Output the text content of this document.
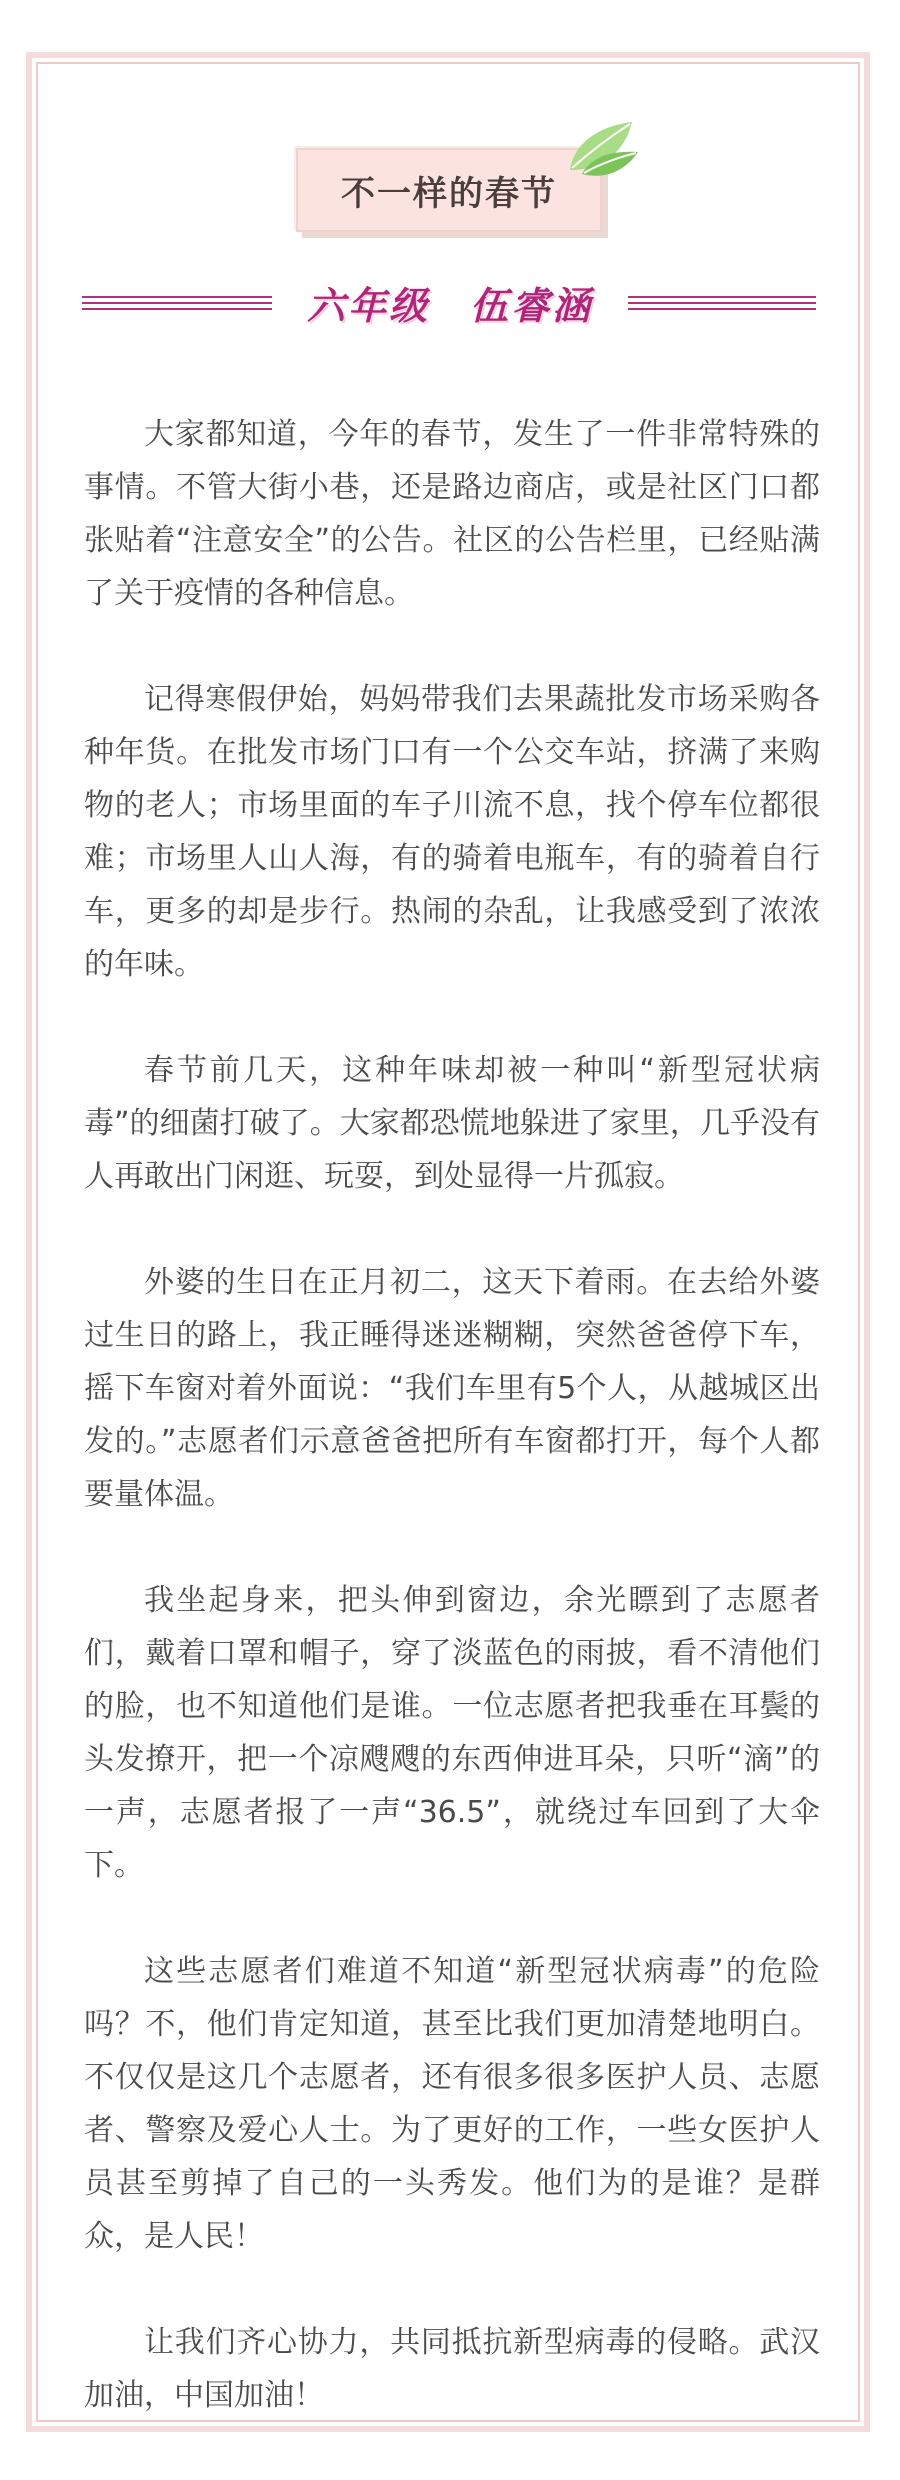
不一样的春节
六年级 伍睿涵

大家都知道，今年的春节，发生了一件非常特殊的事情。不管大街小巷，还是路边商店，或是社区门口都张贴着“注意安全”的公告。社区的公告栏里，已经贴满了关于疫情的各种信息。

记得寒假伊始，妈妈带我们去果蔬批发市场采购各种年货。在批发市场门口有一个公交车站，挤满了来购物的老人；市场里面的车子川流不息，找个停车位都很难；市场里人山人海，有的骑着电瓶车，有的骑着自行车，更多的却是步行。热闹的杂乱，让我感受到了浓浓的年味。

春节前几天，这种年味却被一种叫“新型冠状病毒”的细菌打破了。大家都恐慌地躲进了家里，几乎没有人再敢出门闲逛、玩耍，到处显得一片孤寂。

外婆的生日在正月初二，这天下着雨。在去给外婆过生日的路上，我正睡得迷迷糊糊，突然爸爸停下车，摇下车窗对着外面说：“我们车里有5个人，从越城区出发的。”志愿者们示意爸爸把所有车窗都打开，每个人都要量体温。

我坐起身来，把头伸到窗边，余光瞟到了志愿者们，戴着口罩和帽子，穿了淡蓝色的雨披，看不清他们的脸，也不知道他们是谁。一位志愿者把我垂在耳鬓的头发撩开，把一个凉飕飕的东西伸进耳朵，只听“滴”的一声，志愿者报了一声“36.5”，就绕过车回到了大伞下。

这些志愿者们难道不知道“新型冠状病毒”的危险吗？不，他们肯定知道，甚至比我们更加清楚地明白。不仅仅是这几个志愿者，还有很多很多医护人员、志愿者、警察及爱心人士。为了更好的工作，一些女医护人员甚至剪掉了自己的一头秀发。他们为的是谁？是群众，是人民！

让我们齐心协力，共同抵抗新型病毒的侵略。武汉加油，中国加油！
